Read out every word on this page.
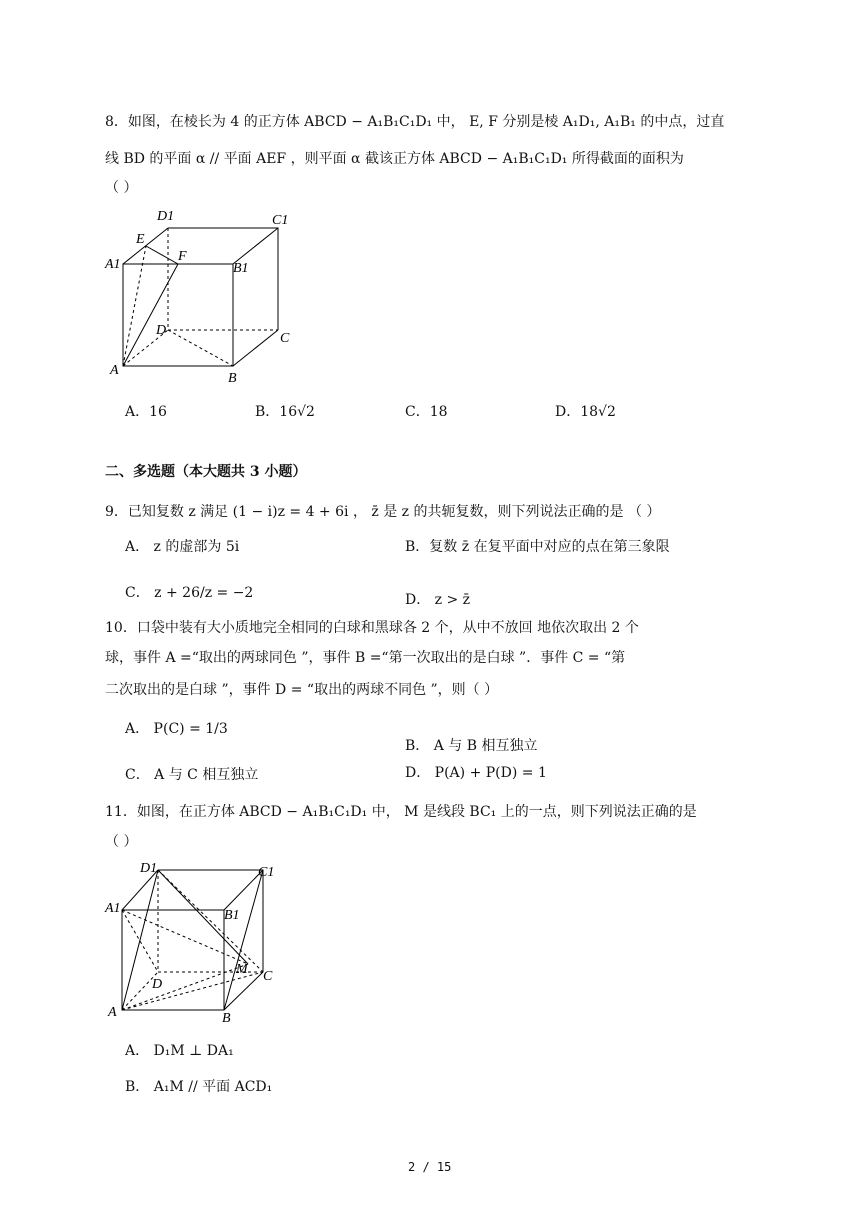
8．如图，在棱长为 4 的正方体 ABCD − A₁B₁C₁D₁ 中， E, F 分别是棱 A₁D₁, A₁B₁ 的中点，过直
线 BD 的平面 α // 平面 AEF ，则平面 α 截该正方体 ABCD − A₁B₁C₁D₁ 所得截面的面积为
（ ）
D1	C1
E
F
A1	B1
D
C
A
B
A．16	B．16√2	C．18	D．18√2
二、多选题（本大题共 3 小题）
9．已知复数 z 满足 (1 − i)z = 4 + 6i ， z̄ 是 z 的共轭复数，则下列说法正确的是 （ ）
A． z 的虚部为 5i	B．复数 z̄ 在复平面中对应的点在第三象限
C． z + 26/z = −2	D． z > z̄
10．口袋中装有大小质地完全相同的白球和黑球各 2 个，从中不放回 地依次取出 2 个
球，事件 A =“取出的两球同色 ”，事件 B =“第一次取出的是白球 ”．事件 C = “第
二次取出的是白球 ”，事件 D = “取出的两球不同色 ”，则（ ）
A． P(C) = 1/3
B． A 与 B 相互独立
C． A 与 C 相互独立	D． P(A) + P(D) = 1
11．如图，在正方体 ABCD − A₁B₁C₁D₁ 中， M 是线段 BC₁ 上的一点，则下列说法正确的是
（ ）
D1	C1
A1	B1
M C
D
A	B
A． D₁M ⊥ DA₁
B． A₁M // 平面 ACD₁
2 / 15
